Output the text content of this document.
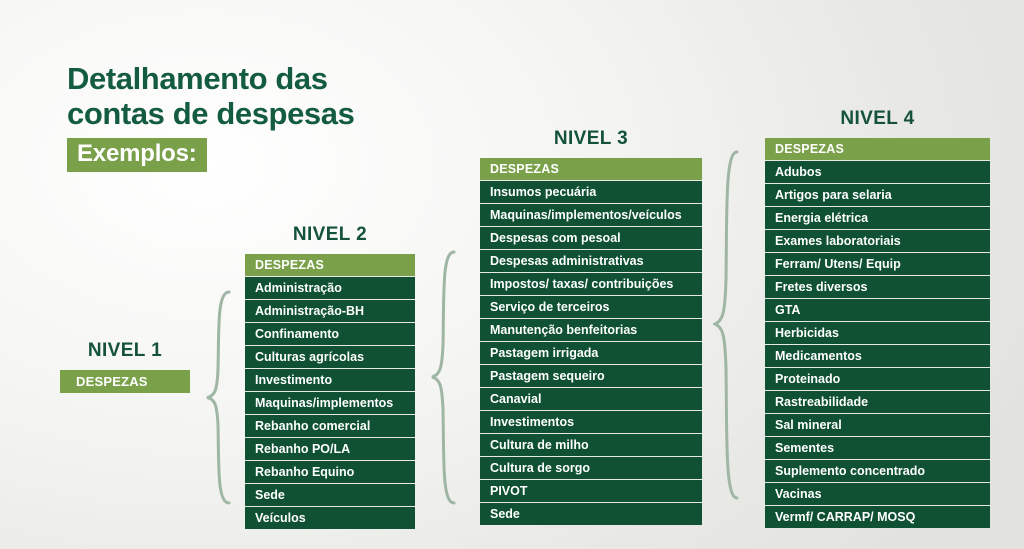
Detalhamento das
contas de despesas
Exemplos:
NIVEL 1
DESPEZAS
NIVEL 2
DESPEZAS
Administração
Administração-BH
Confinamento
Culturas agrícolas
Investimento
Maquinas/implementos
Rebanho comercial
Rebanho PO/LA
Rebanho Equino
Sede
Veículos
NIVEL 3
DESPEZAS
Insumos pecuária
Maquinas/implementos/veículos
Despesas com pesoal
Despesas administrativas
Impostos/ taxas/ contribuições
Serviço de terceiros
Manutenção benfeitorias
Pastagem irrigada
Pastagem sequeiro
Canavial
Investimentos
Cultura de milho
Cultura de sorgo
PIVOT
Sede
NIVEL 4
DESPEZAS
Adubos
Artigos para selaria
Energia elétrica
Exames laboratoriais
Ferram/ Utens/ Equip
Fretes diversos
GTA
Herbicidas
Medicamentos
Proteinado
Rastreabilidade
Sal mineral
Sementes
Suplemento concentrado
Vacinas
Vermf/ CARRAP/ MOSQ
